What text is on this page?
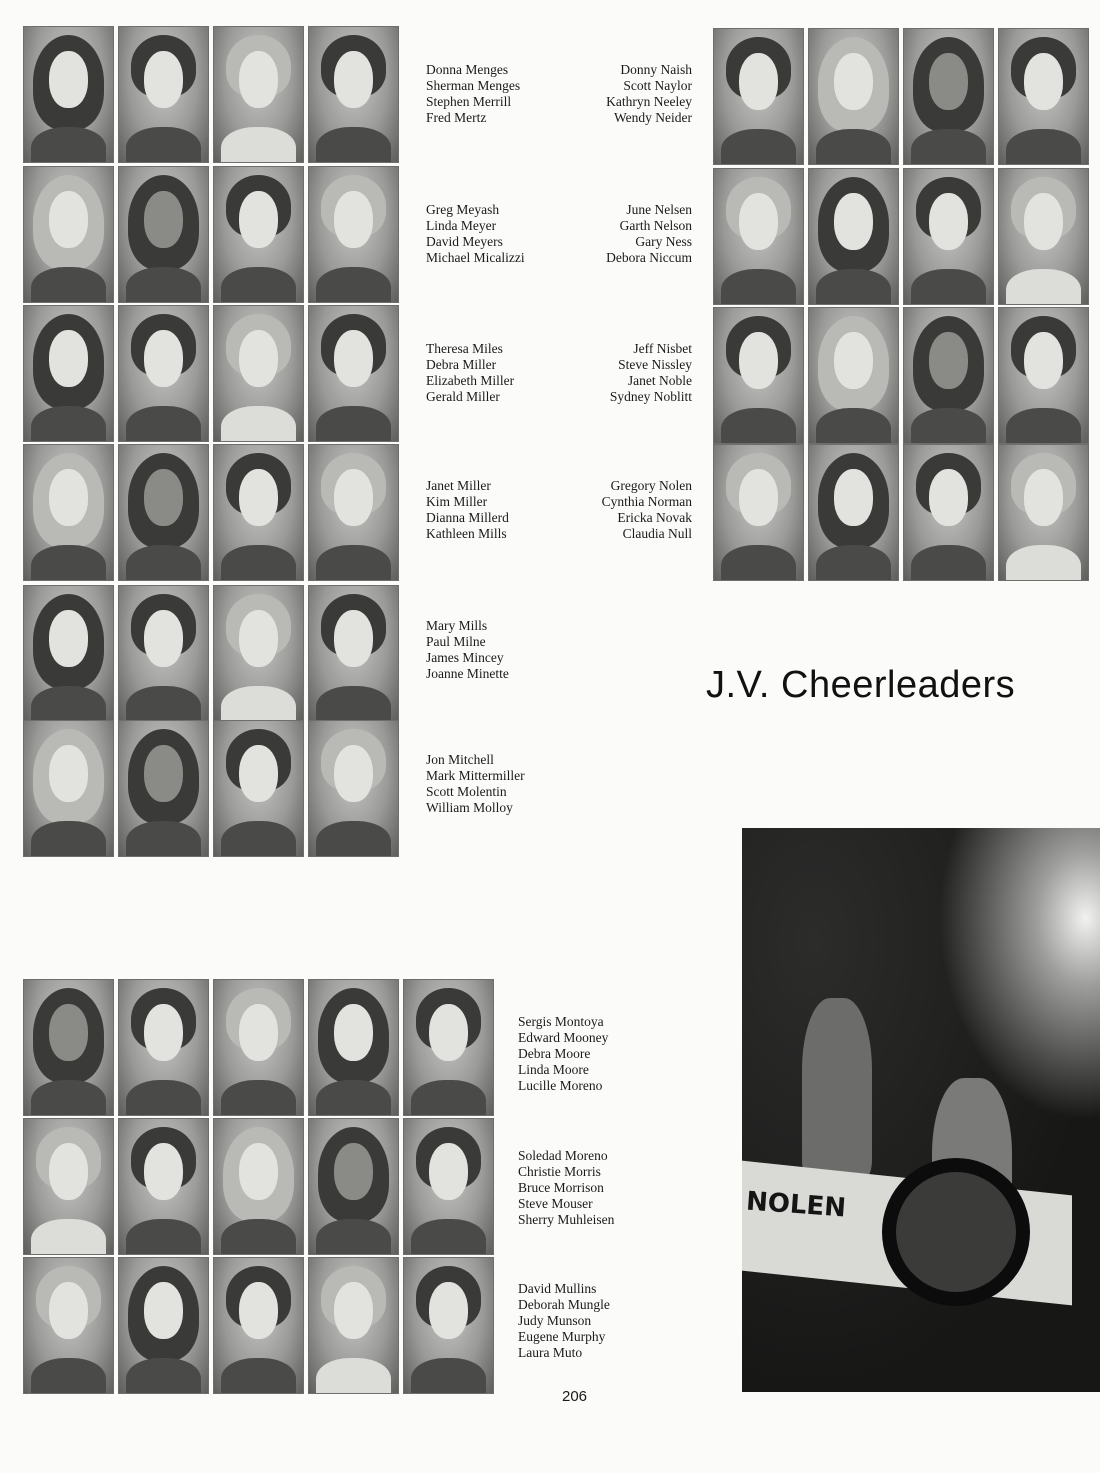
Donna Menges
Sherman Menges
Stephen Merrill
Fred Mertz
Greg Meyash
Linda Meyer
David Meyers
Michael Micalizzi
Theresa Miles
Debra Miller
Elizabeth Miller
Gerald Miller
Janet Miller
Kim Miller
Dianna Millerd
Kathleen Mills
Mary Mills
Paul Milne
James Mincey
Joanne Minette
Jon Mitchell
Mark Mittermiller
Scott Molentin
William Molloy
Donny Naish
Scott Naylor
Kathryn Neeley
Wendy Neider
June Nelsen
Garth Nelson
Gary Ness
Debora Niccum
Jeff Nisbet
Steve Nissley
Janet Noble
Sydney Noblitt
Gregory Nolen
Cynthia Norman
Ericka Novak
Claudia Null
J.V. Cheerleaders
Sergis Montoya
Edward Mooney
Debra Moore
Linda Moore
Lucille Moreno
Soledad Moreno
Christie Morris
Bruce Morrison
Steve Mouser
Sherry Muhleisen
David Mullins
Deborah Mungle
Judy Munson
Eugene Murphy
Laura Muto
NOLEN
206
